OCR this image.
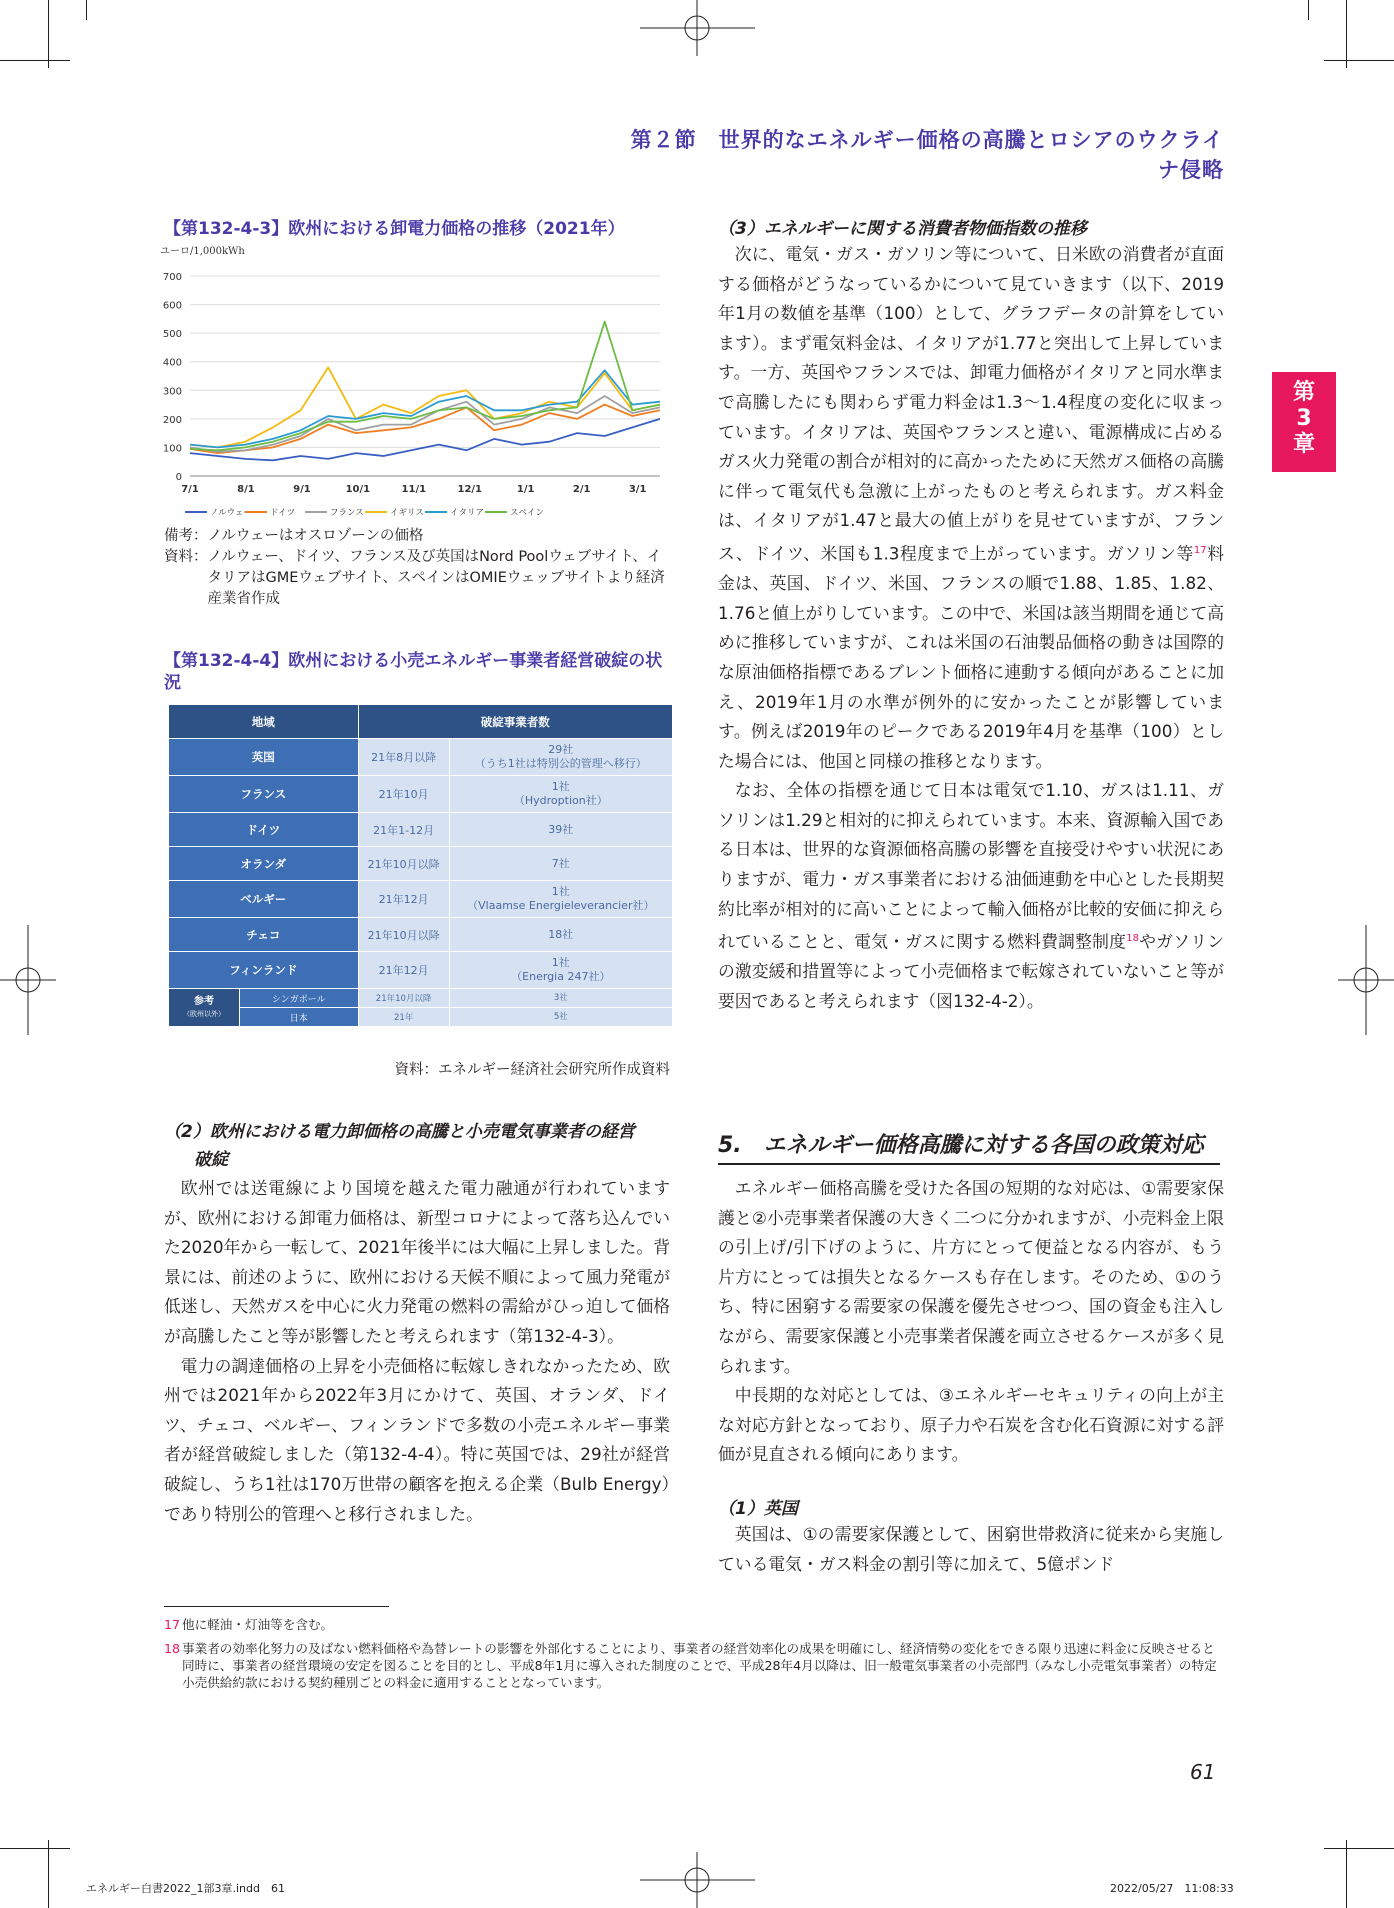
第２節　世界的なエネルギー価格の高騰とロシアのウクライナ侵略
第3章
【第132-4-3】欧州における卸電力価格の推移（2021年）
ユーロ/1,000kWh
0
100
200
300
400
500
600
700
7/1	8/1	9/1	10/1	11/1	12/1	1/1	2/1	3/1
ノルウェー ドイツ	フランス	イギリス	イタリア	スペイン
備考： ノルウェーはオスロゾーンの価格
資料： ノルウェー、ドイツ、フランス及び英国はNord Poolウェブサイト、イタリアはGMEウェブサイト、スペインはOMIEウェッブサイトより経済産業省作成
【第132-4-4】欧州における小売エネルギー事業者経営破綻の状況
地域		破綻事業者数	
英国		21年8月以降	29社
（うち1社は特別公的管理へ移行）

フランス		21年10月	1社
（Hydroption社）

ドイツ		21年1-12月	39社

オランダ		21年10月以降	7社

ベルギー		21年12月	1社
（Vlaamse Energieleverancier社）

チェコ		21年10月以降	18社

フィンランド		21年12月	1社
（Energia 247社）

参考
（欧州以外）	シンガポール	21年10月以降	3社
	日本	21年	5社
資料：エネルギー経済社会研究所作成資料
（2）欧州における電力卸価格の高騰と小売電気事業者の経営
破綻

欧州では送電線により国境を越えた電力融通が行われていますが、欧州における卸電力価格は、新型コロナによって落ち込んでいた2020年から一転して、2021年後半には大幅に上昇しました。背景には、前述のように、欧州における天候不順によって風力発電が低迷し、天然ガスを中心に火力発電の燃料の需給がひっ迫して価格が高騰したこと等が影響したと考えられます（第132-4-3）。

電力の調達価格の上昇を小売価格に転嫁しきれなかったため、欧州では2021年から2022年3月にかけて、英国、オランダ、ドイツ、チェコ、ベルギー、フィンランドで多数の小売エネルギー事業者が経営破綻しました（第132-4-4）。特に英国では、29社が経営破綻し、うち1社は170万世帯の顧客を抱える企業（Bulb Energy）であり特別公的管理へと移行されました。

（3）エネルギーに関する消費者物価指数の推移

次に、電気・ガス・ガソリン等について、日米欧の消費者が直面する価格がどうなっているかについて見ていきます（以下、2019年1月の数値を基準（100）として、グラフデータの計算をしています）。まず電気料金は、イタリアが1.77と突出して上昇しています。一方、英国やフランスでは、卸電力価格がイタリアと同水準まで高騰したにも関わらず電力料金は1.3～1.4程度の変化に収まっています。イタリアは、英国やフランスと違い、電源構成に占めるガス火力発電の割合が相対的に高かったために天然ガス価格の高騰に伴って電気代も急激に上がったものと考えられます。ガス料金は、イタリアが1.47と最大の値上がりを見せていますが、フランス、ドイツ、米国も1.3程度まで上がっています。ガソリン等$^{17}$料金は、英国、ドイツ、米国、フランスの順で1.88、1.85、1.82、1.76と値上がりしています。この中で、米国は該当期間を通じて高めに推移していますが、これは米国の石油製品価格の動きは国際的な原油価格指標であるブレント価格に連動する傾向があることに加え、2019年1月の水準が例外的に安かったことが影響しています。例えば2019年のピークである2019年4月を基準（100）とした場合には、他国と同様の推移となります。

なお、全体の指標を通じて日本は電気で1.10、ガスは1.11、ガソリンは1.29と相対的に抑えられています。本来、資源輸入国である日本は、世界的な資源価格高騰の影響を直接受けやすい状況にありますが、電力・ガス事業者における油価連動を中心とした長期契約比率が相対的に高いことによって輸入価格が比較的安価に抑えられていることと、電気・ガスに関する燃料費調整制度$^{18}$やガソリンの激変緩和措置等によって小売価格まで転嫁されていないこと等が要因であると考えられます（図132-4-2）。

5.　エネルギー価格高騰に対する各国の政策対応

エネルギー価格高騰を受けた各国の短期的な対応は、①需要家保護と②小売事業者保護の大きく二つに分かれますが、小売料金上限の引上げ/引下げのように、片方にとって便益となる内容が、もう片方にとっては損失となるケースも存在します。そのため、①のうち、特に困窮する需要家の保護を優先させつつ、国の資金も注入しながら、需要家保護と小売事業者保護を両立させるケースが多く見られます。

中長期的な対応としては、③エネルギーセキュリティの向上が主な対応方針となっており、原子力や石炭を含む化石資源に対する評価が見直される傾向にあります。

（1）英国

英国は、①の需要家保護として、困窮世帯救済に従来から実施している電気・ガス料金の割引等に加えて、5億ポンド

17 他に軽油・灯油等を含む。
18 事業者の効率化努力の及ばない燃料価格や為替レートの影響を外部化することにより、事業者の経営効率化の成果を明確にし、経済情勢の変化をできる限り迅速に料金に反映させると同時に、事業者の経営環境の安定を図ることを目的とし、平成8年1月に導入された制度のことで、平成28年4月以降は、旧一般電気事業者の小売部門（みなし小売電気事業者）の特定小売供給約款における契約種別ごとの料金に適用することとなっています。
61
エネルギー白書2022_1部3章.indd　61	2022/05/27　11:08:33
